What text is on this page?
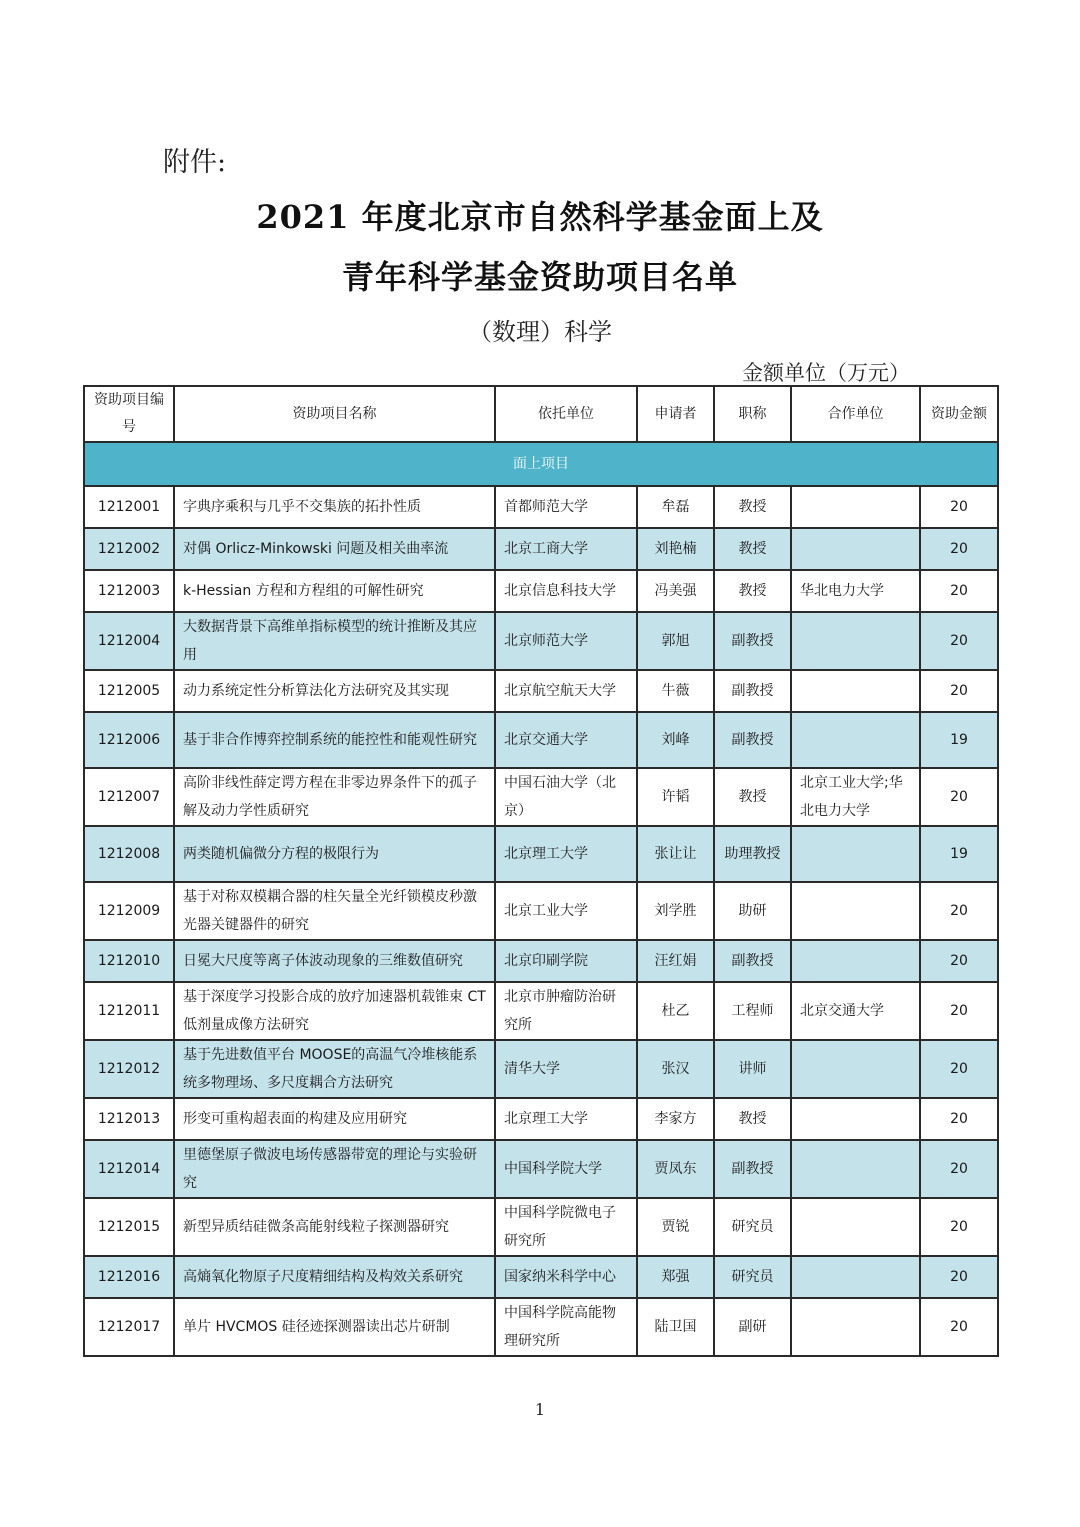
附件:
2021 年度北京市自然科学基金面上及
青年科学基金资助项目名单
（数理）科学
金额单位（万元）
资助项目编号	资助项目名称	依托单位	申请者	职称	合作单位	资助金额
面上项目						
1212001	字典序乘积与几乎不交集族的拓扑性质	首都师范大学	牟磊	教授		20
1212002	对偶 Orlicz-Minkowski 问题及相关曲率流	北京工商大学	刘艳楠	教授		20
1212003	k-Hessian 方程和方程组的可解性研究	北京信息科技大学	冯美强	教授	华北电力大学	20
1212004	大数据背景下高维单指标模型的统计推断及其应用	北京师范大学	郭旭	副教授		20
1212005	动力系统定性分析算法化方法研究及其实现	北京航空航天大学	牛薇	副教授		20
1212006	基于非合作博弈控制系统的能控性和能观性研究	北京交通大学	刘峰	副教授		19
1212007	高阶非线性薛定谔方程在非零边界条件下的孤子解及动力学性质研究	中国石油大学（北京）	许韬	教授	北京工业大学;华北电力大学	20
1212008	两类随机偏微分方程的极限行为	北京理工大学	张让让	助理教授		19
1212009	基于对称双模耦合器的柱矢量全光纤锁模皮秒激光器关键器件的研究	北京工业大学	刘学胜	助研		20
1212010	日冕大尺度等离子体波动现象的三维数值研究	北京印刷学院	汪红娟	副教授		20
1212011	基于深度学习投影合成的放疗加速器机载锥束 CT 低剂量成像方法研究	北京市肿瘤防治研究所	杜乙	工程师	北京交通大学	20
1212012	基于先进数值平台 MOOSE的高温气冷堆核能系统多物理场、多尺度耦合方法研究	清华大学	张汉	讲师		20
1212013	形变可重构超表面的构建及应用研究	北京理工大学	李家方	教授		20
1212014	里德堡原子微波电场传感器带宽的理论与实验研究	中国科学院大学	贾凤东	副教授		20
1212015	新型异质结硅微条高能射线粒子探测器研究	中国科学院微电子研究所	贾锐	研究员		20
1212016	高熵氧化物原子尺度精细结构及构效关系研究	国家纳米科学中心	郑强	研究员		20
1212017	单片 HVCMOS 硅径迹探测器读出芯片研制	中国科学院高能物理研究所	陆卫国	副研		20
1
